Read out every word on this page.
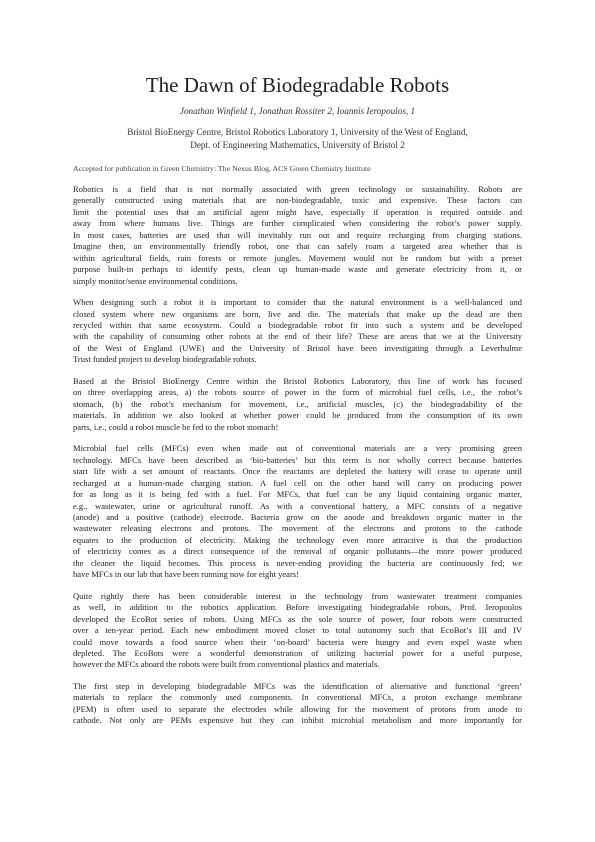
The Dawn of Biodegradable Robots

Jonathan Winfield 1, Jonathan Rossiter 2, Ioannis Ieropoulos, 1

Bristol BioEnergy Centre, Bristol Robotics Laboratory 1, University of the West of England,
Dept. of Engineering Mathematics, University of Bristol 2

Accepted for publication in Green Chemistry: The Nexus Blog, ACS Green Chemistry Institute

Robotics is a field that is not normally associated with green technology or sustainability. Robots are
generally constructed using materials that are non-biodegradable, toxic and expensive. These factors can
limit the potential uses that an artificial agent might have, especially if operation is required outside and
away from where humans live. Things are further complicated when considering the robot’s power supply.
In most cases, batteries are used that will inevitably run out and require recharging from charging stations.
Imagine then, an environmentally friendly robot, one that can safely roam a targeted area whether that is
within agricultural fields, rain forests or remote jungles. Movement would not be random but with a preset
purpose built-in perhaps to identify pests, clean up human-made waste and generate electricity from it, or
simply monitor/sense environmental conditions.
When designing such a robot it is important to consider that the natural environment is a well-balanced and
closed system where new organisms are born, live and die. The materials that make up the dead are then
recycled within that same ecosystem. Could a biodegradable robot fit into such a system and be developed
with the capability of consuming other robots at the end of their life? These are areas that we at the University
of the West of England (UWE) and the University of Bristol have been investigating through a Leverhulme
Trust funded project to develop biodegradable robots.
Based at the Bristol BioEnergy Centre within the Bristol Robotics Laboratory, this line of work has focused
on three overlapping areas, a) the robots source of power in the form of microbial fuel cells, i.e., the robot’s
stomach, (b) the robot’s mechanism for movement, i.e., artificial muscles, (c) the biodegradability of the
materials. In addition we also looked at whether power could be produced from the consumption of its own
parts, i.e., could a robot muscle be fed to the robot stomach!
Microbial fuel cells (MFCs) even when made out of conventional materials are a very promising green
technology. MFCs have been described as ‘bio-batteries’ but this term is not wholly correct because batteries
start life with a set amount of reactants. Once the reactants are depleted the battery will cease to operate until
recharged at a human-made charging station. A fuel cell on the other hand will carry on producing power
for as long as it is being fed with a fuel. For MFCs, that fuel can be any liquid containing organic matter,
e.g., wastewater, urine or agricultural runoff. As with a conventional battery, a MFC consists of a negative
(anode) and a positive (cathode) electrode. Bacteria grow on the anode and breakdown organic matter in the
wastewater releasing electrons and protons. The movement of the electrons and protons to the cathode
equates to the production of electricity. Making the technology even more attractive is that the production
of electricity comes as a direct consequence of the removal of organic pollutants—the more power produced
the cleaner the liquid becomes. This process is never-ending providing the bacteria are continuously fed; we
have MFCs in our lab that have been running now for eight years!
Quite rightly there has been considerable interest in the technology from wastewater treatment companies
as well, in addition to the robotics application. Before investigating biodegradable robots, Prof. Ieropoulos
developed the EcoBot series of robots. Using MFCs as the sole source of power, four robots were constructed
over a ten-year period. Each new embodiment moved closer to total autonomy such that EcoBot’s III and IV
could move towards a food source when their ‘on-board’ bacteria were hungry and even expel waste when
depleted. The EcoBots were a wonderful demonstration of utilizing bacterial power for a useful purpose,
however the MFCs aboard the robots were built from conventional plastics and materials.
The first step in developing biodegradable MFCs was the identification of alternative and functional ‘green’
materials to replace the commonly used components. In conventional MFCs, a proton exchange membrane
(PEM) is often used to separate the electrodes while allowing for the movement of protons from anode to
cathode. Not only are PEMs expensive but they can inhibit microbial metabolism and more importantly for
